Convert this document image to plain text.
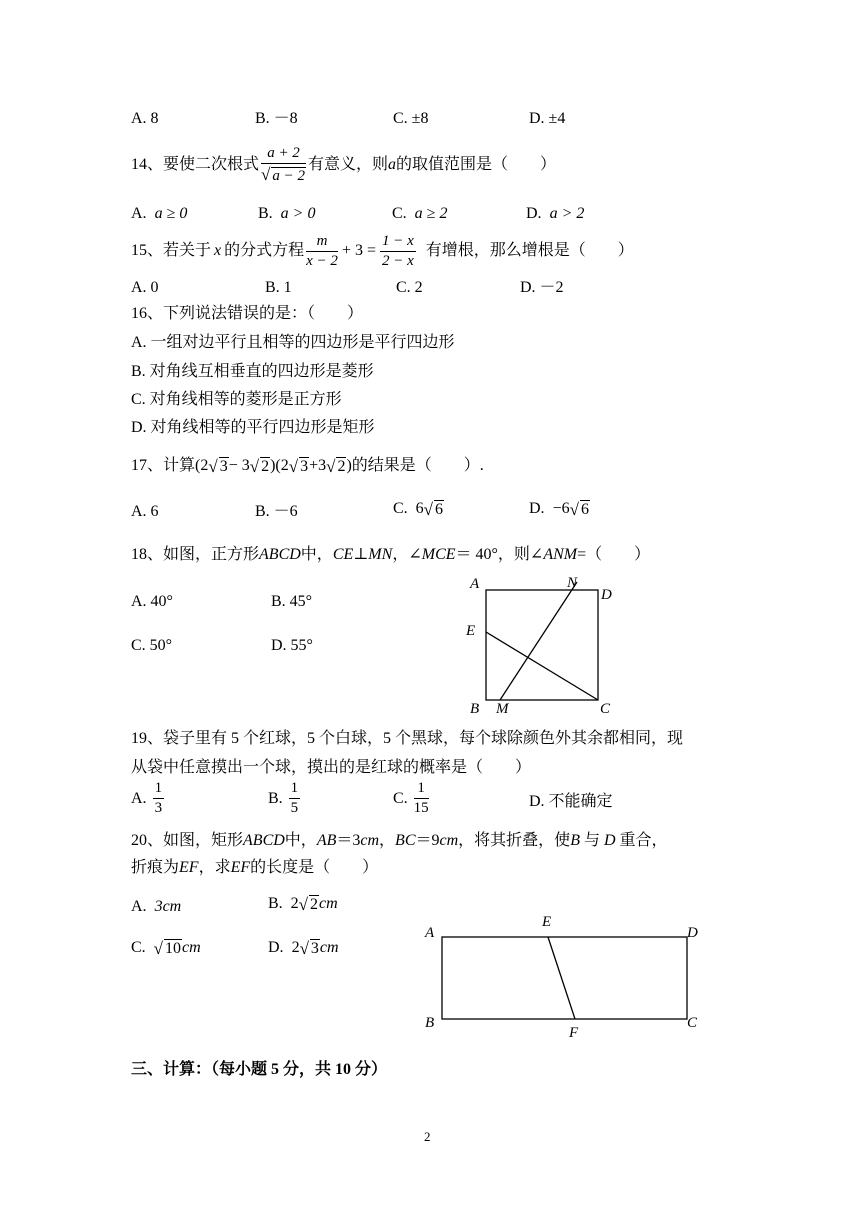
A. 8	B. －8	C. ±8	D. ±4
14、要使二次根式 $\frac{a + 2}{√ a - 2}$ 有意义，则 a 的取值范围是（　　）
A. a ≥ 0	B. a > 0	C. a ≥ 2	D. a > 2
15、若关于 x 的分式方程 $\frac{m}{x - 2} + 3 = \frac{1 - x}{2 - x}$ 有增根，那么增根是（　　）
A. 0	B. 1	C. 2	D. －2
16、下列说法错误的是：（　　）
A. 一组对边平行且相等的四边形是平行四边形
B. 对角线互相垂直的四边形是菱形
C. 对角线相等的菱形是正方形
D. 对角线相等的平行四边形是矩形
17、计算 (2 √ 3 − 3 √ 2 )(2 √ 3 +3 √ 2 ) 的结果是（　　）.
A. 6	B. －6	C.
6 √ 6	D.
−6 √ 6
18、如图，正方形ABCD中，CE⊥MN，∠MCE＝ 40°，则∠ANM=（　　）
A. 40°	B. 45°
C. 50°	D. 55°
A	N
D
E
B M	C
19、袋子里有 5 个红球，5 个白球，5 个黑球，每个球除颜色外其余都相同，现
从袋中任意摸出一个球，摸出的是红球的概率是（　　）
A.
$\frac{1}{3}$	B.
$\frac{1}{5}$	C.
$\frac{1}{15}$	D. 不能确定
20、如图，矩形ABCD中，AB＝3cm，BC＝9cm，将其折叠，使B 与 D 重合，
折痕为EF，求EF的长度是（　　）
A. 3cm	B.
2 √ 2 cm
C.
√ 10 cm	D.
2 √ 3 cm
A
E
D
B
F
C
三、计算：（每小题 5 分，共 10 分）
2
